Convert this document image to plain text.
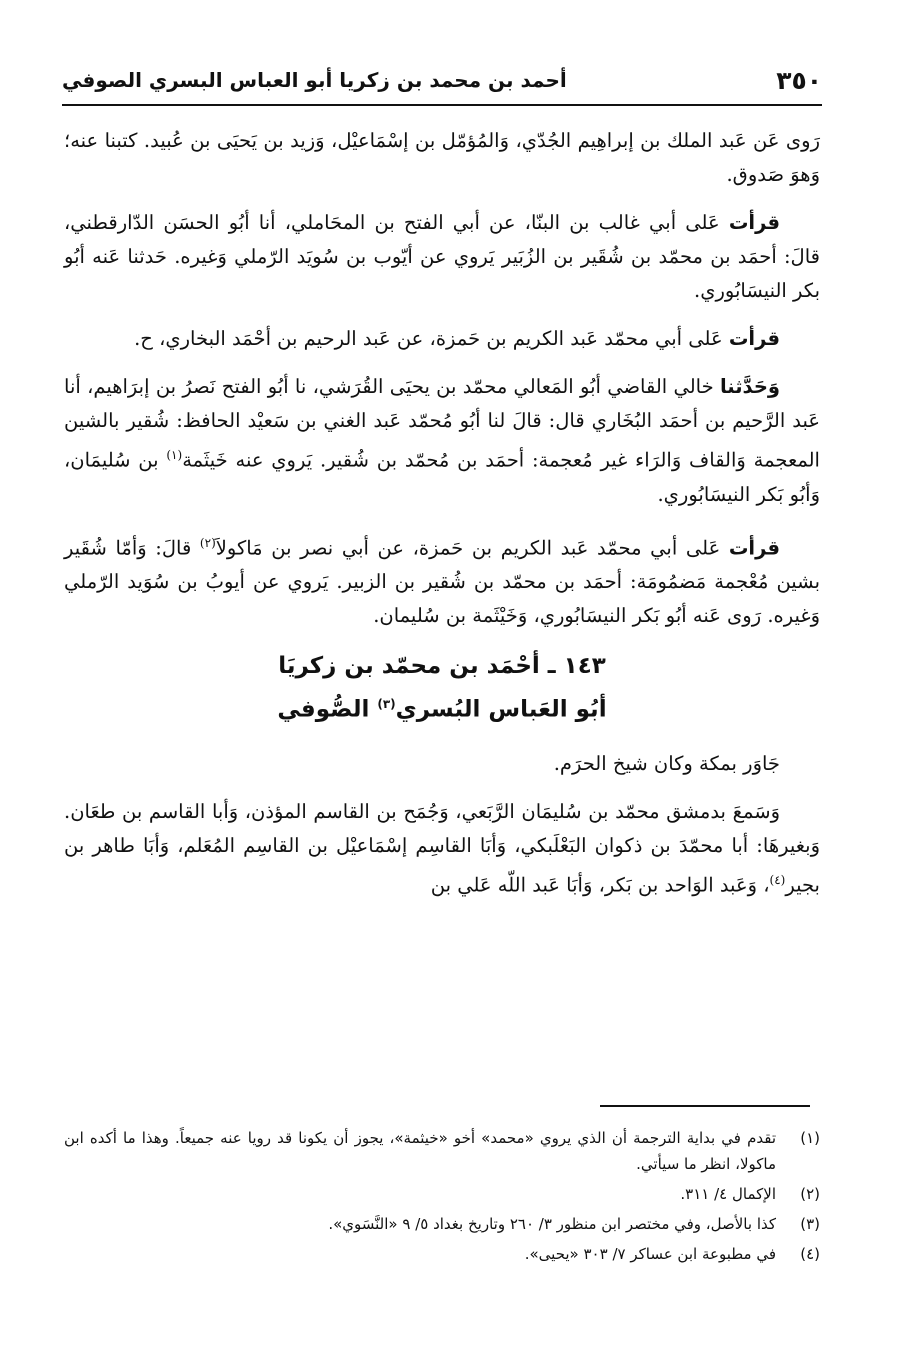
٣٥٠
أحمد بن محمد بن زكريا أبو العباس البسري الصوفي

رَوى عَن عَبد الملك بن إبراهِيم الجُدّي، وَالمُؤمّل بن إسْمَاعيْل، وَزيد بن يَحيَى بن عُبيد. كتبنا عنه؛ وَهوَ صَدوق.

قرأت عَلى أبي غالب بن البنّا، عن أبي الفتح بن المحَاملي، أنا أبُو الحسَن الدّارقطني، قالَ: أحمَد بن محمّد بن شُقَير بن الزُبَير يَروي عن أيّوب بن سُويَد الرّملي وَغيره. حَدثنا عَنه أبُو بكر النيسَابُوري.

قرأت عَلى أبي محمّد عَبد الكريم بن حَمزة، عن عَبد الرحيم بن أحْمَد البخاري، ح.

وَحَدَّثنا خالي القاضي أبُو المَعالي محمّد بن يحيَى القُرَشي، نا أبُو الفتح نَصرُ بن إبرَاهيم، أنا عَبد الرَّحيم بن أحمَد البُخَاري قال: قالَ لنا أبُو مُحمّد عَبد الغني بن سَعيْد الحافظ: شُقير بالشين المعجمة وَالقاف وَالرَاء غير مُعجمة: أحمَد بن مُحمّد بن شُقير. يَروي عنه خَيثَمة$^{(١)}$ بن سُليمَان، وَأبُو بَكر النيسَابُوري.

قرأت عَلى أبي محمّد عَبد الكريم بن حَمزة، عن أبي نصر بن مَاكولاَ$^{(٢)}$ قالَ: وَأمّا شُقَير بشين مُعْجمة مَضمُومَة: أحمَد بن محمّد بن شُقير بن الزبير. يَروي عن أيوبُ بن سُوَيد الرّملي وَغيره. رَوى عَنه أبُو بَكر النيسَابُوري، وَخَيْثَمة بن سُليمان.

١٤٣ ـ أحْمَد بن محمّد بن زكريَا
أبُو العَباس البُسري$^{(٣)}$ الصُّوفي

جَاوَر بمكة وكان شيخ الحرَم.

وَسَمعَ بدمشق محمّد بن سُليمَان الرَّبَعي، وَجُمَح بن القاسم المؤذن، وَأبا القاسم بن طعَان. وَبغيرهَا: أبا محمّدَ بن ذكوان البَعْلَبكي، وَأبَا القاسِم إسْمَاعيْل بن القاسِم المُعَلم، وَأبَا طاهر بن بجير$^{(٤)}$، وَعَبد الوَاحد بن بَكر، وَأبَا عَبد اللّه عَلي بن

(١)
تقدم في بداية الترجمة أن الذي يروي «محمد» أخو «خيثمة»، يجوز أن يكونا قد رويا عنه جميعاً. وهذا ما أكده ابن ماكولا، انظر ما سيأتي.
(٢)
الإكمال ٤/ ٣١١.
(٣)
كذا بالأصل، وفي مختصر ابن منظور ٣/ ٢٦٠ وتاريخ بغداد ٥/ ٩ «النَّسَوي».
(٤)
في مطبوعة ابن عساكر ٧/ ٣٠٣ «يحيى».
